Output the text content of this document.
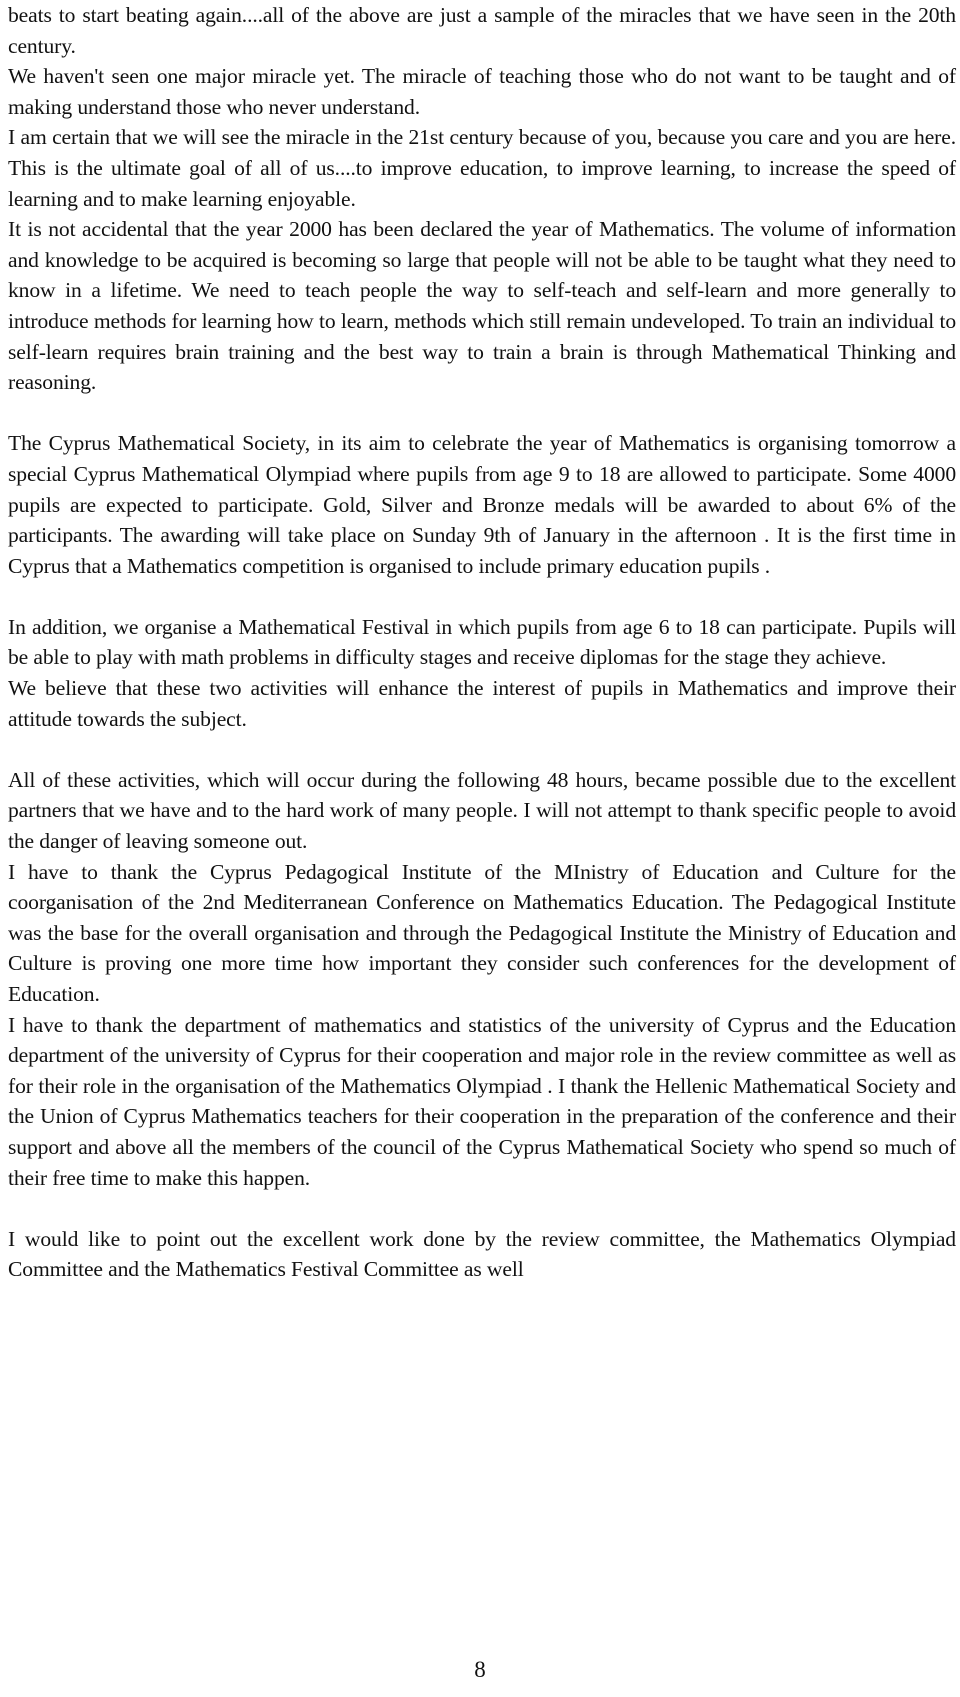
beats to start beating again....all of the above are just a sample of the miracles that we have seen in the 20th century.

We haven't seen one major miracle yet. The miracle of teaching those who do not want to be taught and of making understand those who never understand.

I am certain that we will see the miracle in the 21st century because of you, because you care and you are here. This is the ultimate goal of all of us....to improve education, to improve learning, to increase the speed of learning and to make learning enjoyable.

It is not accidental that the year 2000 has been declared the year of Mathematics. The volume of information and knowledge to be acquired is becoming so large that people will not be able to be taught what they need to know in a lifetime. We need to teach people the way to self-teach and self-learn and more generally to introduce methods for learning how to learn, methods which still remain undeveloped. To train an individual to self-learn requires brain training and the best way to train a brain is through Mathematical Thinking and reasoning.

The Cyprus Mathematical Society, in its aim to celebrate the year of Mathematics is organising tomorrow a special Cyprus Mathematical Olympiad where pupils from age 9 to 18 are allowed to participate. Some 4000 pupils are expected to participate. Gold, Silver and Bronze medals will be awarded to about 6% of the participants. The awarding will take place on Sunday 9th of January in the afternoon . It is the first time in Cyprus that a Mathematics competition is organised to include primary education pupils .

In addition, we organise a Mathematical Festival in which pupils from age 6 to 18 can participate. Pupils will be able to play with math problems in difficulty stages and receive diplomas for the stage they achieve.

We believe that these two activities will enhance the interest of pupils in Mathematics and improve their attitude towards the subject.

All of these activities, which will occur during the following 48 hours, became possible due to the excellent partners that we have and to the hard work of many people. I will not attempt to thank specific people to avoid the danger of leaving someone out.

I have to thank the Cyprus Pedagogical Institute of the MInistry of Education and Culture for the coorganisation of the 2nd Mediterranean Conference on Mathematics Education. The Pedagogical Institute was the base for the overall organisation and through the Pedagogical Institute the Ministry of Education and Culture is proving one more time how important they consider such conferences for the development of Education.

I have to thank the department of mathematics and statistics of the university of Cyprus and the Education department of the university of Cyprus for their cooperation and major role in the review committee as well as for their role in the organisation of the Mathematics Olympiad . I thank the Hellenic Mathematical Society and the Union of Cyprus Mathematics teachers for their cooperation in the preparation of the conference and their support and above all the members of the council of the Cyprus Mathematical Society who spend so much of their free time to make this happen.

I would like to point out the excellent work done by the review committee, the Mathematics Olympiad Committee and the Mathematics Festival Committee as well

8
